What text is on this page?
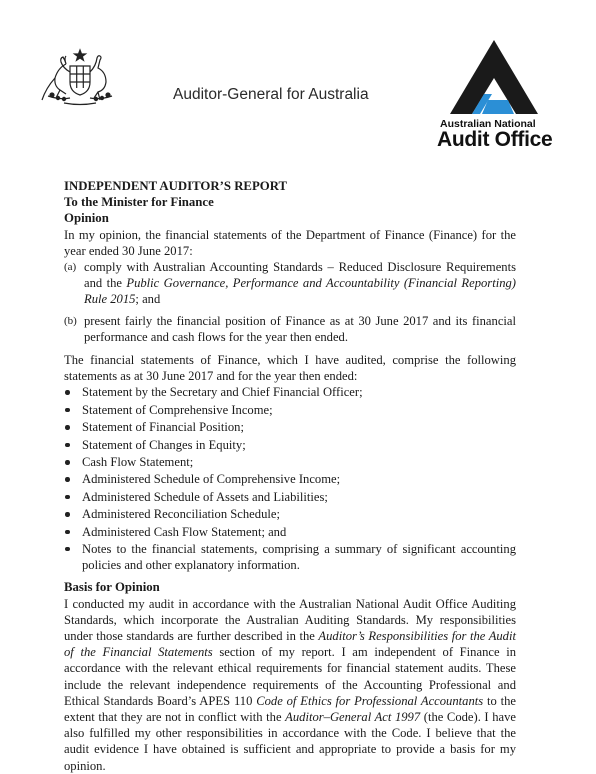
Auditor-General for Australia
Australian National
Audit Office

INDEPENDENT AUDITOR’S REPORT

To the Minister for Finance

Opinion

In my opinion, the financial statements of the Department of Finance (Finance) for the year ended 30 June 2017:

(a) comply with Australian Accounting Standards – Reduced Disclosure Requirements and the Public Governance, Performance and Accountability (Financial Reporting) Rule 2015; and
(b) present fairly the financial position of Finance as at 30 June 2017 and its financial performance and cash flows for the year then ended.

The financial statements of Finance, which I have audited, comprise the following statements as at 30 June 2017 and for the year then ended:

Statement by the Secretary and Chief Financial Officer;
Statement of Comprehensive Income;
Statement of Financial Position;
Statement of Changes in Equity;
Cash Flow Statement;
Administered Schedule of Comprehensive Income;
Administered Schedule of Assets and Liabilities;
Administered Reconciliation Schedule;
Administered Cash Flow Statement; and
Notes to the financial statements, comprising a summary of significant accounting policies and other explanatory information.

Basis for Opinion

I conducted my audit in accordance with the Australian National Audit Office Auditing Standards, which incorporate the Australian Auditing Standards. My responsibilities under those standards are further described in the Auditor’s Responsibilities for the Audit of the Financial Statements section of my report. I am independent of Finance in accordance with the relevant ethical requirements for financial statement audits. These include the relevant independence requirements of the Accounting Professional and Ethical Standards Board’s APES 110 Code of Ethics for Professional Accountants to the extent that they are not in conflict with the Auditor–General Act 1997 (the Code). I have also fulfilled my other responsibilities in accordance with the Code. I believe that the audit evidence I have obtained is sufficient and appropriate to provide a basis for my opinion.
